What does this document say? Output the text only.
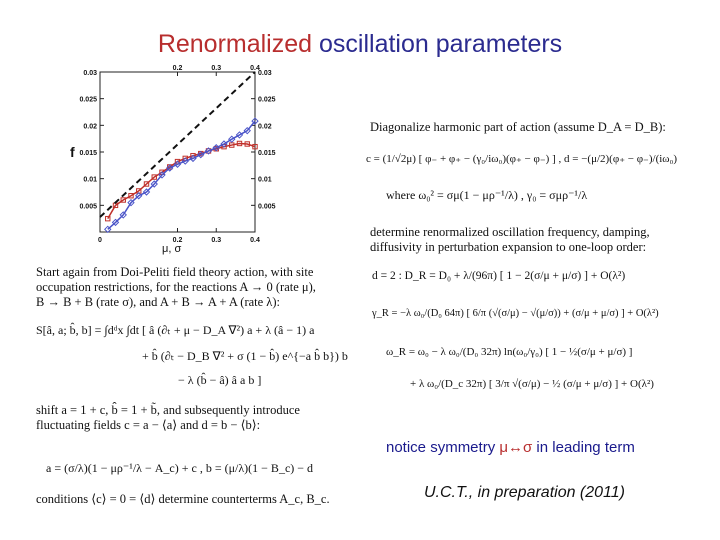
Renormalized oscillation parameters
0.03
0.025
0.02
0.015
0.01
0.005
0.03
0.025
0.02
0.015
0.01
0.005
0	0.2	0.3	0.4
0.2	0.3	0.4
f
μ, σ
Start again from Doi-Peliti field theory action, with site
occupation restrictions, for the reactions A → 0 (rate μ),
B → B + B (rate σ), and A + B → A + A (rate λ):
S[â, a; b̂, b] = ∫dᵈx ∫dt [ â (∂ₜ + μ − D_A ∇²) a + λ (â − 1) a
+ b̂ (∂ₜ − D_B ∇² + σ (1 − b̂) e^{−a b̂ b}) b
− λ (b̂ − â) â a b ]
shift a = 1 + c, b̂ = 1 + b̃, and subsequently introduce
fluctuating fields c = a − ⟨a⟩ and d = b − ⟨b⟩:
a = (σ/λ)(1 − μρ⁻¹/λ − A_c) + c , b = (μ/λ)(1 − B_c) − d
conditions ⟨c⟩ = 0 = ⟨d⟩ determine counterterms A_c, B_c.
Diagonalize harmonic part of action (assume D_A = D_B):
c = (1/√2μ) [ φ₋ + φ₊ − (γ₀/iω₀)(φ₊ − φ₋) ] , d = −(μ/2)(φ₊ − φ₋)/(iω₀)
where ω₀² = σμ(1 − μρ⁻¹/λ) , γ₀ = σμρ⁻¹/λ
determine renormalized oscillation frequency, damping,
diffusivity in perturbation expansion to one-loop order:
d = 2 : D_R = D₀ + λ/(96π) [ 1 − 2(σ/μ + μ/σ) ] + O(λ²)
γ_R = −λ ω₀/(D₀ 64π) [ 6/π (√(σ/μ) − √(μ/σ)) + (σ/μ + μ/σ) ] + O(λ²)
ω_R = ω₀ − λ ω₀/(D₀ 32π) ln(ω₀/γ₀) [ 1 − ½(σ/μ + μ/σ) ]
+ λ ω₀/(D_c 32π) [ 3/π √(σ/μ) − ½ (σ/μ + μ/σ) ] + O(λ²)
notice symmetry μ↔σ in leading term
U.C.T., in preparation (2011)
